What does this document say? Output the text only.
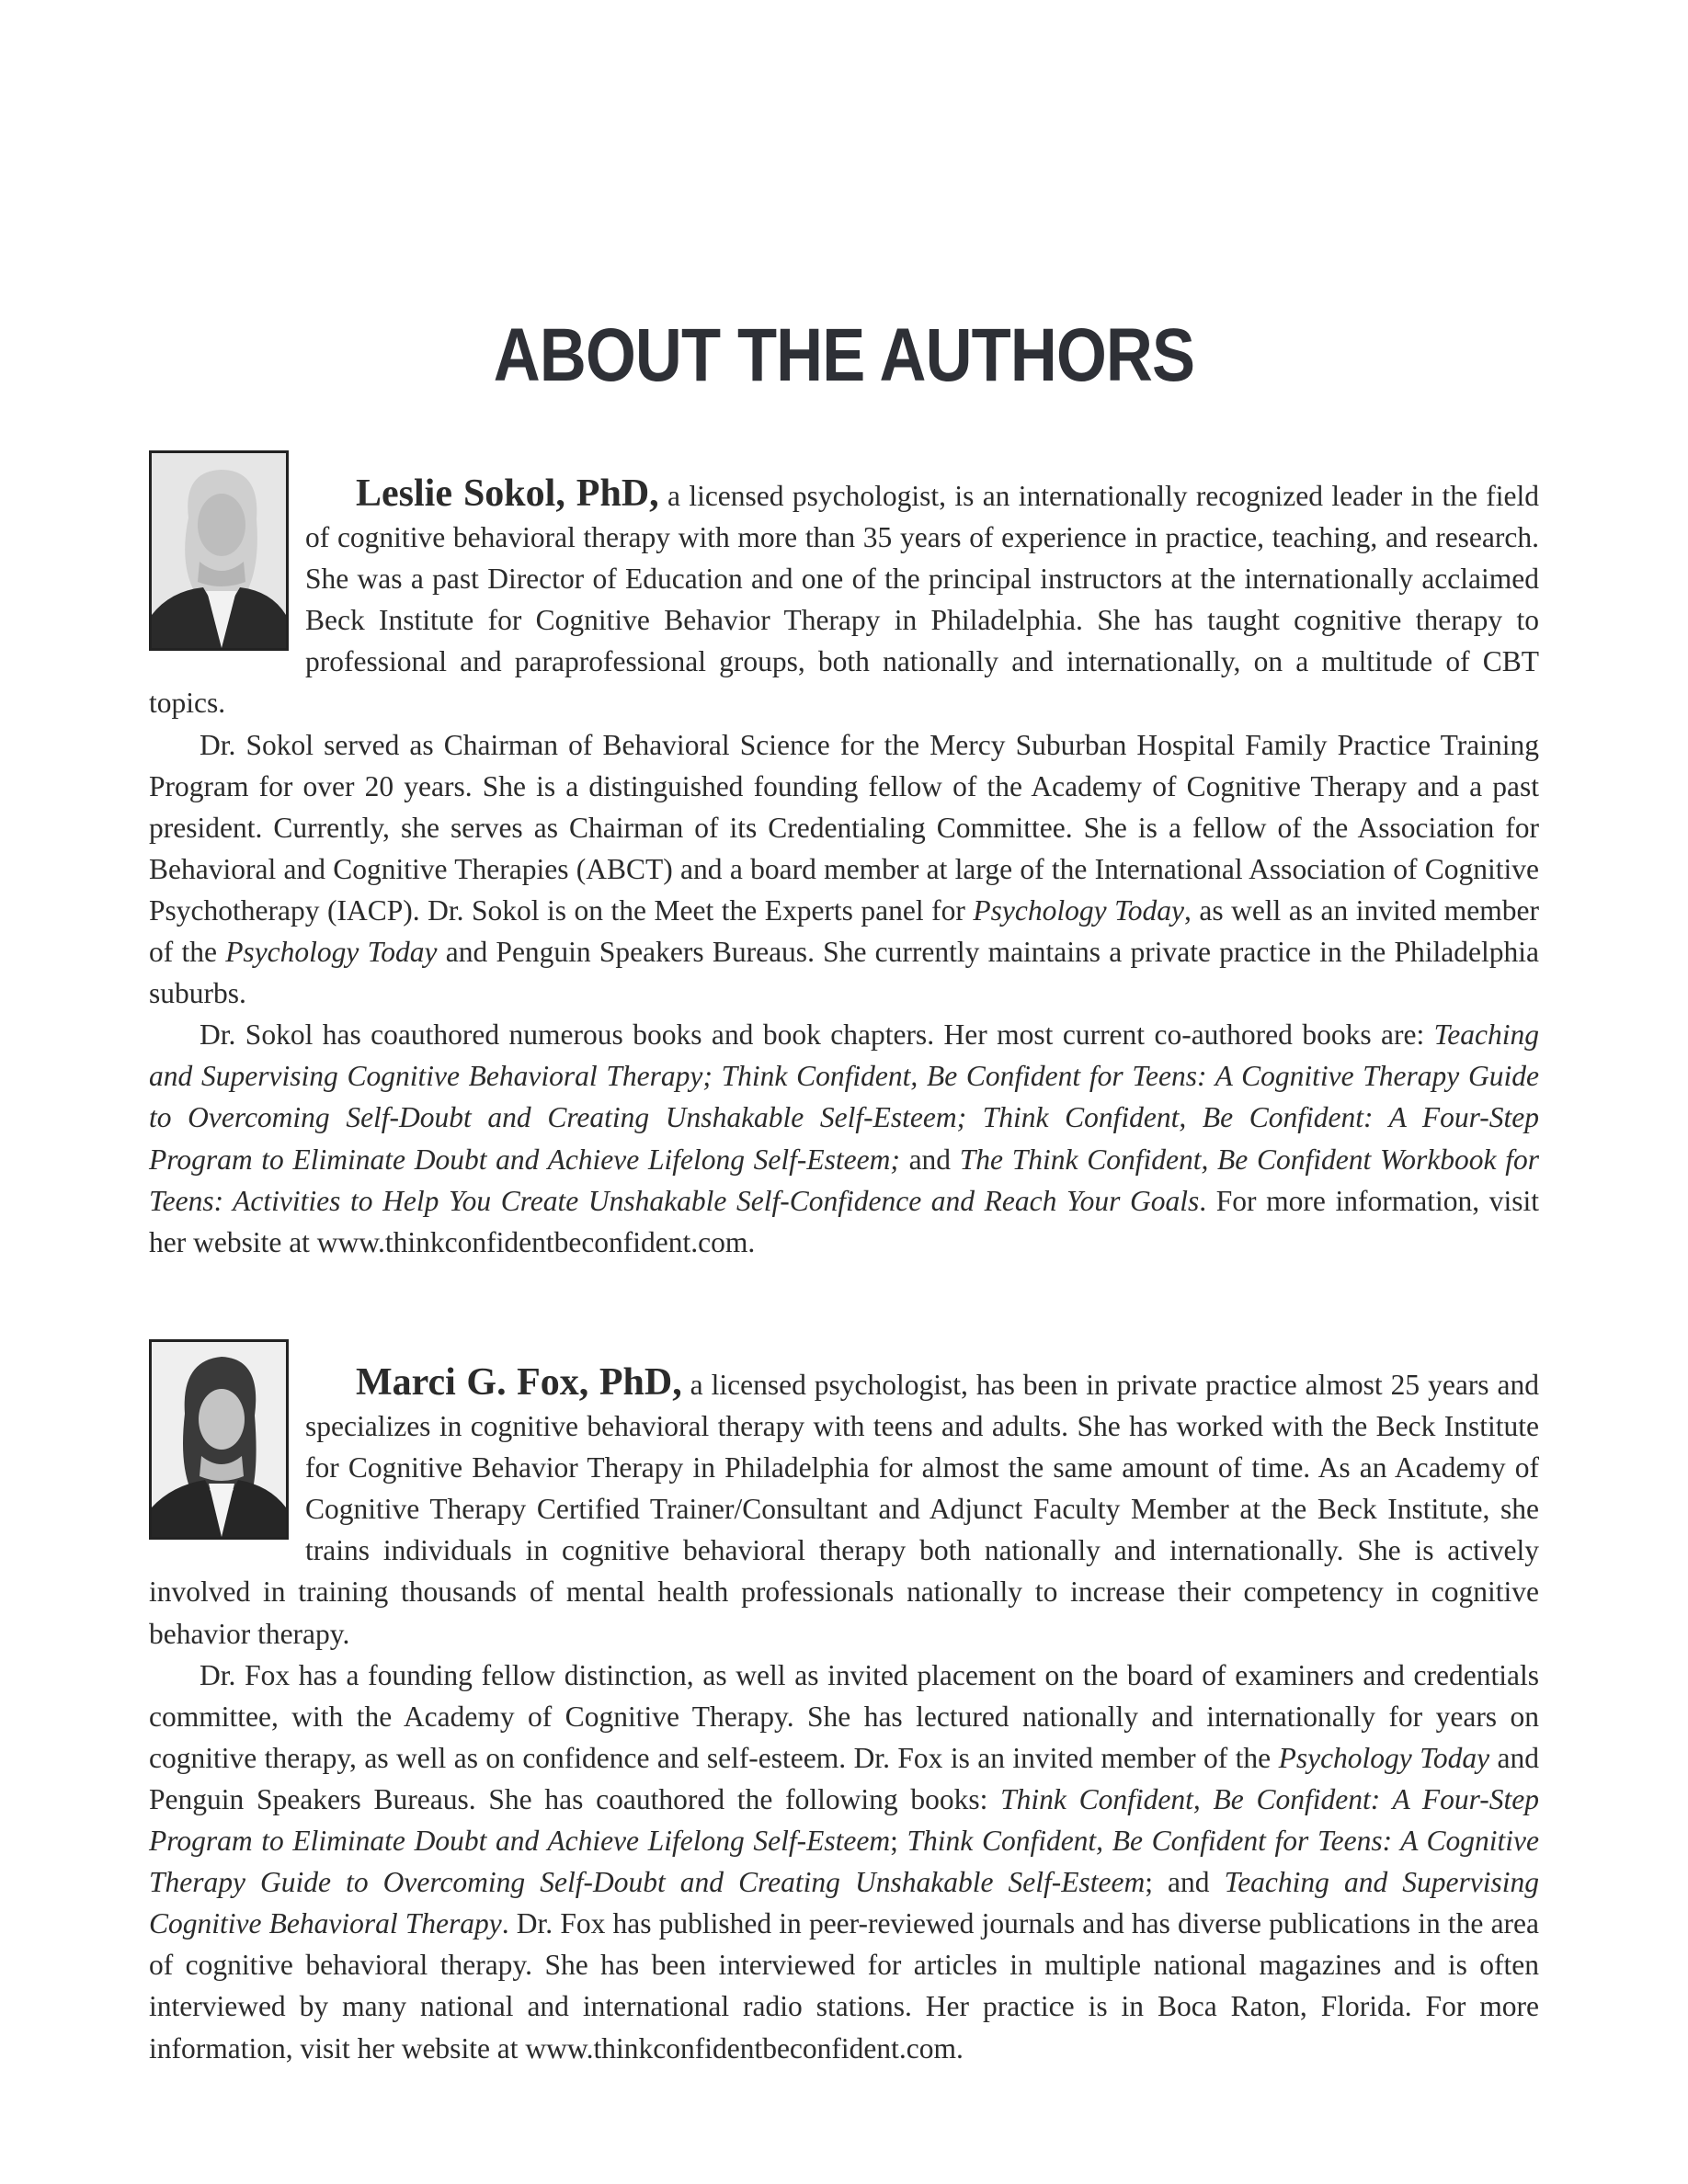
ABOUT THE AUTHORS

Leslie Sokol, PhD, a licensed psychologist, is an internationally recognized leader in the field of cognitive behavioral therapy with more than 35 years of experience in practice, teaching, and research. She was a past Director of Education and one of the principal instructors at the internationally acclaimed Beck Institute for Cognitive Behavior Therapy in Philadelphia. She has taught cognitive therapy to professional and paraprofessional groups, both nationally and internationally, on a multitude of CBT topics.

Dr. Sokol served as Chairman of Behavioral Science for the Mercy Suburban Hospital Family Practice Training Program for over 20 years. She is a distinguished founding fellow of the Academy of Cognitive Therapy and a past president. Currently, she serves as Chairman of its Credentialing Committee. She is a fellow of the Association for Behavioral and Cognitive Therapies (ABCT) and a board member at large of the International Association of Cognitive Psychotherapy (IACP). Dr. Sokol is on the Meet the Experts panel for Psychology Today, as well as an invited member of the Psychology Today and Penguin Speakers Bureaus. She currently maintains a private practice in the Philadelphia suburbs.

Dr. Sokol has coauthored numerous books and book chapters. Her most current co-authored books are: Teaching and Supervising Cognitive Behavioral Therapy; Think Confident, Be Confident for Teens: A Cognitive Therapy Guide to Overcoming Self-Doubt and Creating Unshakable Self-Esteem; Think Confident, Be Confident: A Four-Step Program to Eliminate Doubt and Achieve Lifelong Self-Esteem; and The Think Confident, Be Confident Workbook for Teens: Activities to Help You Create Unshakable Self-Confidence and Reach Your Goals. For more information, visit her website at www.thinkconfidentbeconfident.com.

Marci G. Fox, PhD, a licensed psychologist, has been in private practice almost 25 years and specializes in cognitive behavioral therapy with teens and adults. She has worked with the Beck Institute for Cognitive Behavior Therapy in Philadelphia for almost the same amount of time. As an Academy of Cognitive Therapy Certified Trainer/Consultant and Adjunct Faculty Member at the Beck Institute, she trains individuals in cognitive behavioral therapy both nationally and internationally. She is actively involved in training thousands of mental health professionals nationally to increase their competency in cognitive behavior therapy.

Dr. Fox has a founding fellow distinction, as well as invited placement on the board of examiners and credentials committee, with the Academy of Cognitive Therapy. She has lectured nationally and internationally for years on cognitive therapy, as well as on confidence and self-esteem. Dr. Fox is an invited member of the Psychology Today and Penguin Speakers Bureaus. She has coauthored the following books: Think Confident, Be Confident: A Four-Step Program to Eliminate Doubt and Achieve Lifelong Self-Esteem; Think Confident, Be Confident for Teens: A Cognitive Therapy Guide to Overcoming Self-Doubt and Creating Unshakable Self-Esteem; and Teaching and Supervising Cognitive Behavioral Therapy. Dr. Fox has published in peer-reviewed journals and has diverse publications in the area of cognitive behavioral therapy. She has been interviewed for articles in multiple national magazines and is often interviewed by many national and international radio stations. Her practice is in Boca Raton, Florida. For more information, visit her website at www.thinkconfidentbeconfident.com.
